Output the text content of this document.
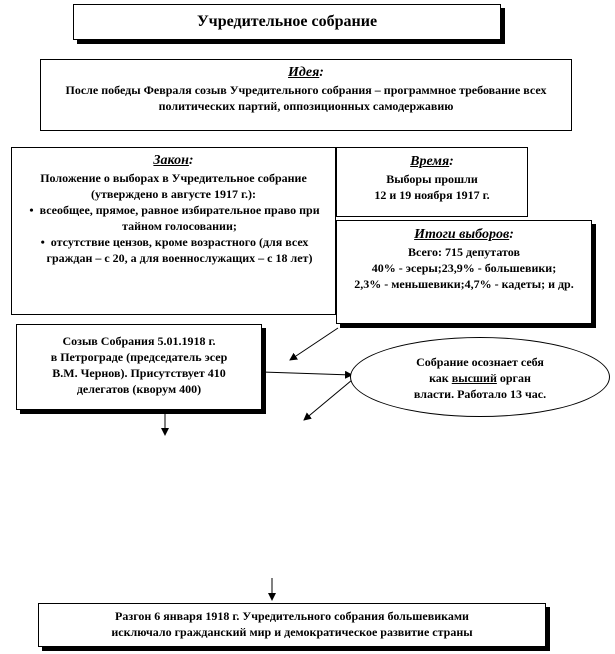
Учредительное собрание
Идея:
После победы Февраля созыв Учредительного собрания – программное требование всех политических партий, оппозиционных самодержавию
Закон:
Положение о выборах в Учредительное собрание (утверждено в августе 1917 г.):
•  всеобщее, прямое, равное избирательное право при тайном голосовании;
•  отсутствие цензов, кроме возрастного (для всех граждан – с 20, а для военнослужащих – с 18 лет)
Время:
Выборы прошли
12 и 19 ноября 1917 г.
Итоги выборов:
Всего: 715 депутатов
40% - эсеры;23,9% - большевики;
2,3% - меньшевики;4,7% - кадеты; и др.
Созыв Собрания 5.01.1918 г.
в Петрограде (председатель эсер
В.М. Чернов). Присутствует 410
делегатов (кворум 400)
Собрание осознает себя
как высший орган
власти. Работало 13 час.
Разгон 6 января 1918 г. Учредительного собрания большевиками
исключало гражданский мир и демократическое развитие страны
